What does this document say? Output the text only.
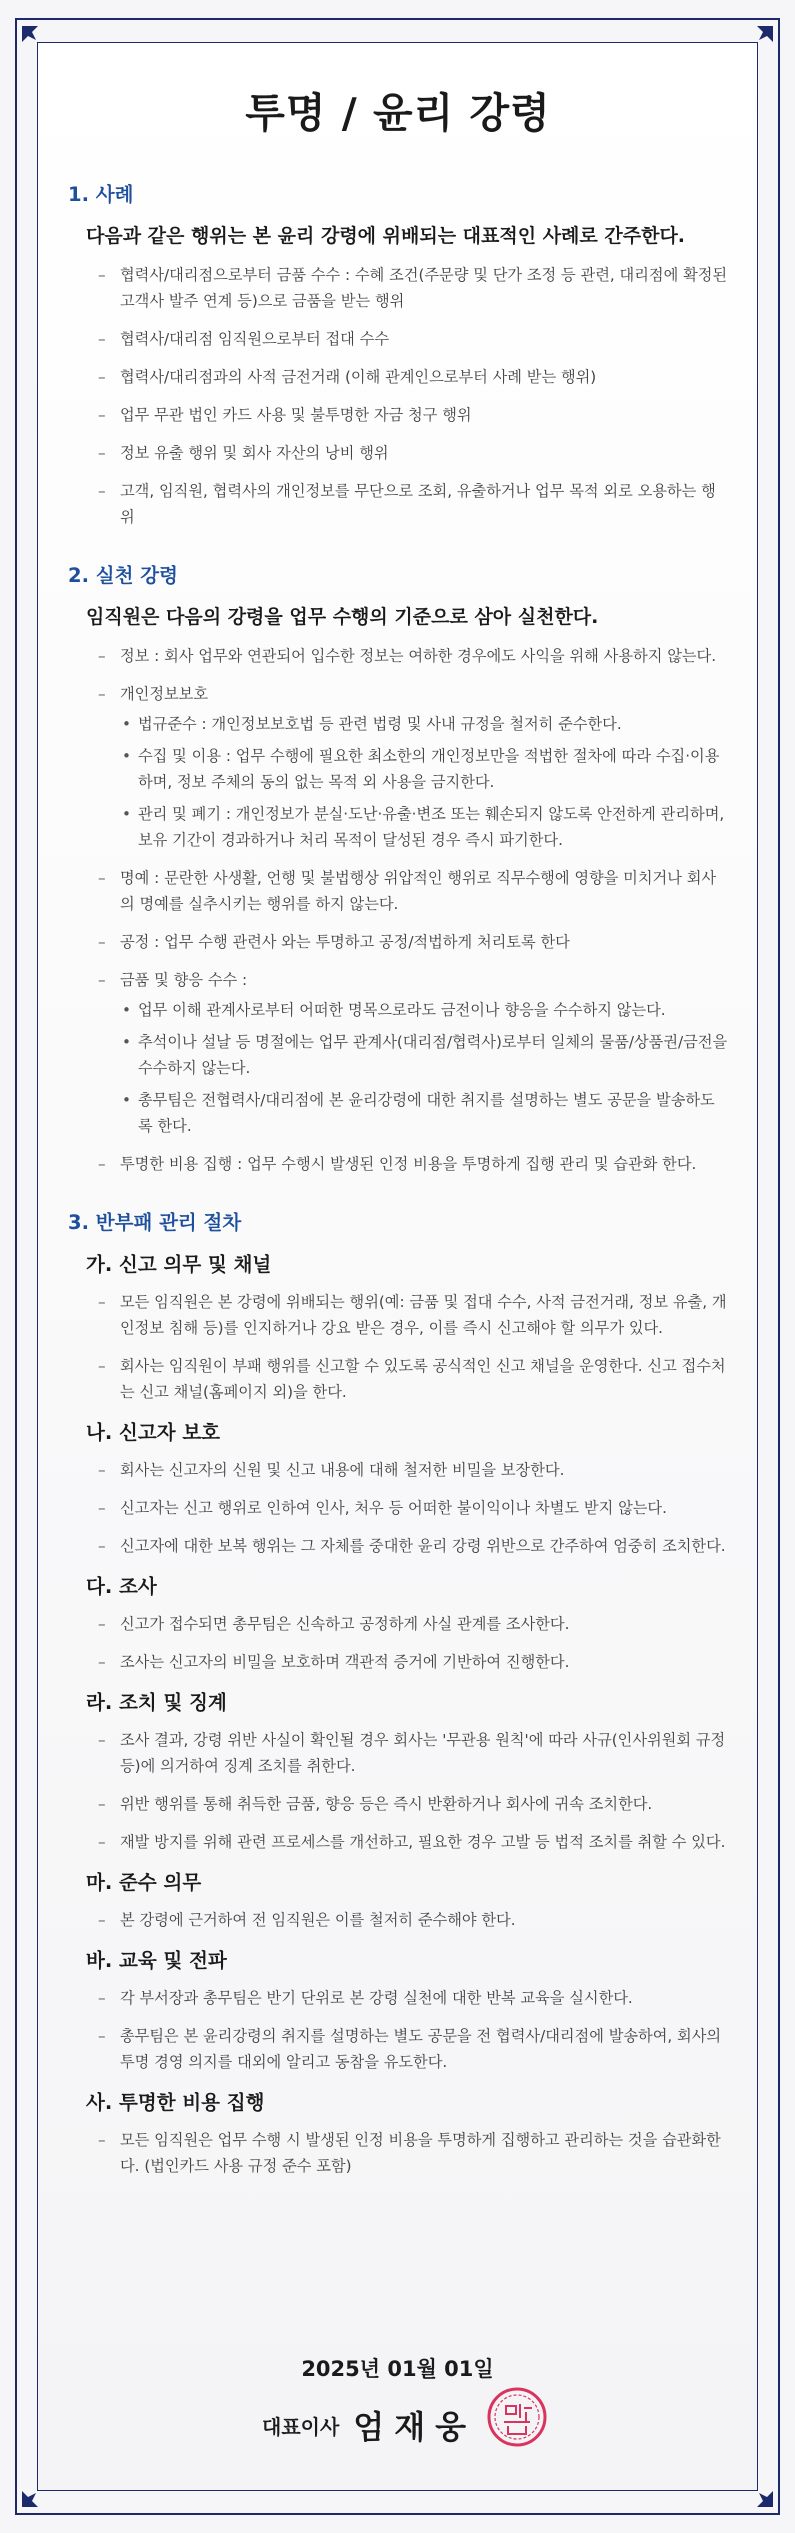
투명 / 윤리 강령
1. 사례
다음과 같은 행위는 본 윤리 강령에 위배되는 대표적인 사례로 간주한다.
– 협력사/대리점으로부터 금품 수수 : 수혜 조건(주문량 및 단가 조정 등 관련, 대리점에 확정된 고객사 발주 연계 등)으로 금품을 받는 행위
– 협력사/대리점 임직원으로부터 접대 수수
– 협력사/대리점과의 사적 금전거래 (이해 관계인으로부터 사례 받는 행위)
– 업무 무관 법인 카드 사용 및 불투명한 자금 청구 행위
– 정보 유출 행위 및 회사 자산의 낭비 행위
– 고객, 임직원, 협력사의 개인정보를 무단으로 조회, 유출하거나 업무 목적 외로 오용하는 행위
2. 실천 강령
임직원은 다음의 강령을 업무 수행의 기준으로 삼아 실천한다.
– 정보 : 회사 업무와 연관되어 입수한 정보는 여하한 경우에도 사익을 위해 사용하지 않는다.
– 개인정보보호
• 법규준수 : 개인정보보호법 등 관련 법령 및 사내 규정을 철저히 준수한다.
• 수집 및 이용 : 업무 수행에 필요한 최소한의 개인정보만을 적법한 절차에 따라 수집·이용하며, 정보 주체의 동의 없는 목적 외 사용을 금지한다.
• 관리 및 폐기 : 개인정보가 분실·도난·유출·변조 또는 훼손되지 않도록 안전하게 관리하며, 보유 기간이 경과하거나 처리 목적이 달성된 경우 즉시 파기한다.
– 명예 : 문란한 사생활, 언행 및 불법행상 위압적인 행위로 직무수행에 영향을 미치거나 회사의 명예를 실추시키는 행위를 하지 않는다.
– 공정 : 업무 수행 관련사 와는 투명하고 공정/적법하게 처리토록 한다
– 금품 및 향응 수수 :
• 업무 이해 관계사로부터 어떠한 명목으로라도 금전이나 향응을 수수하지 않는다.
• 추석이나 설날 등 명절에는 업무 관계사(대리점/협력사)로부터 일체의 물품/상품권/금전을 수수하지 않는다.
• 총무팀은 전협력사/대리점에 본 윤리강령에 대한 취지를 설명하는 별도 공문을 발송하도록 한다.
– 투명한 비용 집행 : 업무 수행시 발생된 인정 비용을 투명하게 집행 관리 및 습관화 한다.
3. 반부패 관리 절차
가. 신고 의무 및 채널
– 모든 임직원은 본 강령에 위배되는 행위(예: 금품 및 접대 수수, 사적 금전거래, 정보 유출, 개인정보 침해 등)를 인지하거나 강요 받은 경우, 이를 즉시 신고해야 할 의무가 있다.
– 회사는 임직원이 부패 행위를 신고할 수 있도록 공식적인 신고 채널을 운영한다. 신고 접수처는 신고 채널(홈페이지 외)을 한다.
나. 신고자 보호
– 회사는 신고자의 신원 및 신고 내용에 대해 철저한 비밀을 보장한다.
– 신고자는 신고 행위로 인하여 인사, 처우 등 어떠한 불이익이나 차별도 받지 않는다.
– 신고자에 대한 보복 행위는 그 자체를 중대한 윤리 강령 위반으로 간주하여 엄중히 조치한다.
다. 조사
– 신고가 접수되면 총무팀은 신속하고 공정하게 사실 관계를 조사한다.
– 조사는 신고자의 비밀을 보호하며 객관적 증거에 기반하여 진행한다.
라. 조치 및 징계
– 조사 결과, 강령 위반 사실이 확인될 경우 회사는 '무관용 원칙'에 따라 사규(인사위원회 규정 등)에 의거하여 징계 조치를 취한다.
– 위반 행위를 통해 취득한 금품, 향응 등은 즉시 반환하거나 회사에 귀속 조치한다.
– 재발 방지를 위해 관련 프로세스를 개선하고, 필요한 경우 고발 등 법적 조치를 취할 수 있다.
마. 준수 의무
– 본 강령에 근거하여 전 임직원은 이를 철저히 준수해야 한다.
바. 교육 및 전파
– 각 부서장과 총무팀은 반기 단위로 본 강령 실천에 대한 반복 교육을 실시한다.
– 총무팀은 본 윤리강령의 취지를 설명하는 별도 공문을 전 협력사/대리점에 발송하여, 회사의 투명 경영 의지를 대외에 알리고 동참을 유도한다.
사. 투명한 비용 집행
– 모든 임직원은 업무 수행 시 발생된 인정 비용을 투명하게 집행하고 관리하는 것을 습관화한다. (법인카드 사용 규정 준수 포함)
2025년 01월 01일
대표이사 엄재웅
